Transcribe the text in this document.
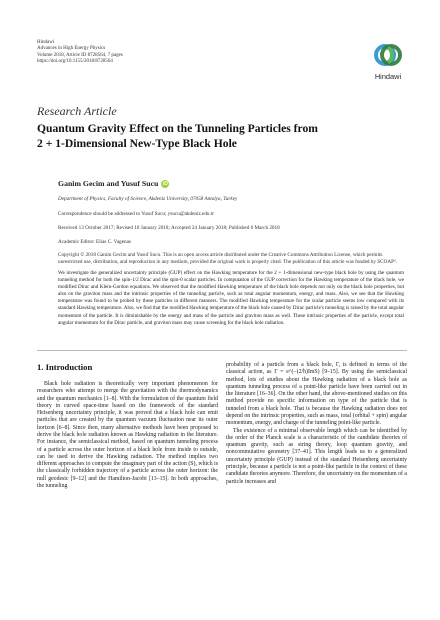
Hindawi
Advances in High Energy Physics
Volume 2018, Article ID 8728564, 7 pages
https://doi.org/10.1155/2018/8728564
Hindawi
Research Article
Quantum Gravity Effect on the Tunneling Particles from
2 + 1-Dimensional New-Type Black Hole
Ganim Gecim and Yusuf Sucu iD
Department of Physics, Faculty of Science, Akdeniz University, 07058 Antalya, Turkey
Correspondence should be addressed to Yusuf Sucu; ysucu@akdeniz.edu.tr
Received 13 October 2017; Revised 10 January 2018; Accepted 24 January 2018; Published 6 March 2018
Academic Editor: Elias C. Vagenas
Copyright © 2018 Ganim Gecim and Yusuf Sucu. This is an open access article distributed under the Creative Commons Attribution License, which permits unrestricted use, distribution, and reproduction in any medium, provided the original work is properly cited. The publication of this article was funded by SCOAP³.
We investigate the generalized uncertainty principle (GUP) effect on the Hawking temperature for the 2 + 1-dimensional new-type black hole by using the quantum tunneling method for both the spin-1/2 Dirac and the spin-0 scalar particles. In computation of the GUP correction for the Hawking temperature of the black hole, we modified Dirac and Klein-Gordon equations. We observed that the modified Hawking temperature of the black hole depends not only on the black hole properties, but also on the graviton mass and the intrinsic properties of the tunneling particle, such as total angular momentum, energy, and mass. Also, we see that the Hawking temperature was found to be probed by these particles in different manners. The modified Hawking temperature for the scalar particle seems low compared with its standard Hawking temperature. Also, we find that the modified Hawking temperature of the black hole caused by Dirac particle's tunneling is raised by the total angular momentum of the particle. It is diminishable by the energy and mass of the particle and graviton mass as well. These intrinsic properties of the particle, except total angular momentum for the Dirac particle, and graviton mass may cause screening for the black hole radiation.
1. Introduction

Black hole radiation is theoretically very important phenomenon for researchers who attempt to merge the gravitation with the thermodynamics and the quantum mechanics [1–8]. With the formulation of the quantum field theory in curved space-time based on the framework of the standard Heisenberg uncertainty principle, it was proved that a black hole can emit particles that are created by the quantum vacuum fluctuation near its outer horizon [6–8]. Since then, many alternative methods have been proposed to derive the black hole radiation known as Hawking radiation in the literature. For instance, the semiclassical method, based on quantum tunneling process of a particle across the outer horizon of a black hole from inside to outside, can be used to derive the Hawking radiation. The method implies two different approaches to compute the imaginary part of the action (S), which is the classically forbidden trajectory of a particle across the outer horizon: the null geodesic [9–12] and the Hamilton-Jacobi [13–15]. In both approaches, the tunneling

probability of a particle from a black hole, Γ, is defined in terms of the classical action, as Γ = e^(−(2/ħ)ImS) [9–15]. By using the semiclassical method, lots of studies about the Hawking radiation of a black hole as quantum tunneling process of a point-like particle have been carried out in the literature [16–36]. On the other hand, the above-mentioned studies on this method provide no specific information on type of the particle that is tunneled from a black hole. That is because the Hawking radiation does not depend on the intrinsic properties, such as mass, total (orbital + spin) angular momentum, energy, and charge of the tunneling point-like particle.

The existence of a minimal observable length which can be identified by the order of the Planck scale is a characteristic of the candidate theories of quantum gravity, such as string theory, loop quantum gravity, and noncommutative geometry [37–41]. This length leads us to a generalized uncertainty principle (GUP) instead of the standard Heisenberg uncertainty principle, because a particle is not a point-like particle in the context of these candidate theories anymore. Therefore, the uncertainty on the momentum of a particle increases and
